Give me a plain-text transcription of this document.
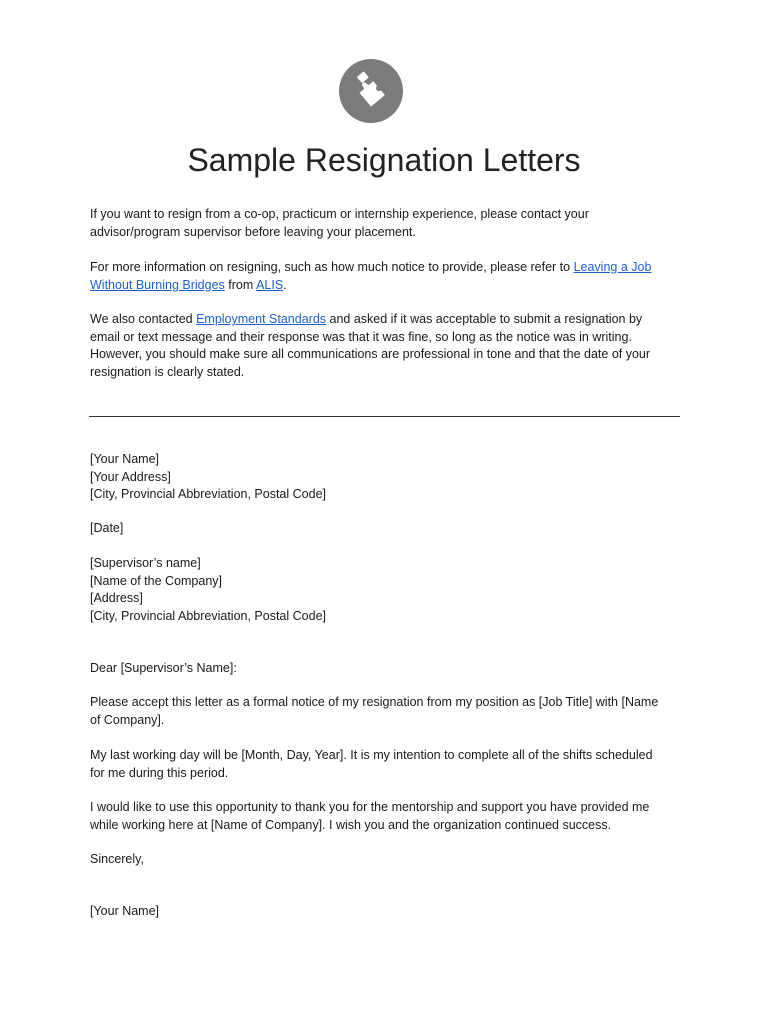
Sample Resignation Letters

If you want to resign from a co-op, practicum or internship experience, please contact your
advisor/program supervisor before leaving your placement.

For more information on resigning, such as how much notice to provide, please refer to Leaving a Job
Without Burning Bridges from ALIS.

We also contacted Employment Standards and asked if it was acceptable to submit a resignation by
email or text message and their response was that it was fine, so long as the notice was in writing.
However, you should make sure all communications are professional in tone and that the date of your
resignation is clearly stated.

[Your Name]
[Your Address]
[City, Provincial Abbreviation, Postal Code]

[Date]

[Supervisor’s name]
[Name of the Company]
[Address]
[City, Provincial Abbreviation, Postal Code]

Dear [Supervisor’s Name]:

Please accept this letter as a formal notice of my resignation from my position as [Job Title] with [Name
of Company].

My last working day will be [Month, Day, Year]. It is my intention to complete all of the shifts scheduled
for me during this period.

I would like to use this opportunity to thank you for the mentorship and support you have provided me
while working here at [Name of Company]. I wish you and the organization continued success.

Sincerely,

[Your Name]
